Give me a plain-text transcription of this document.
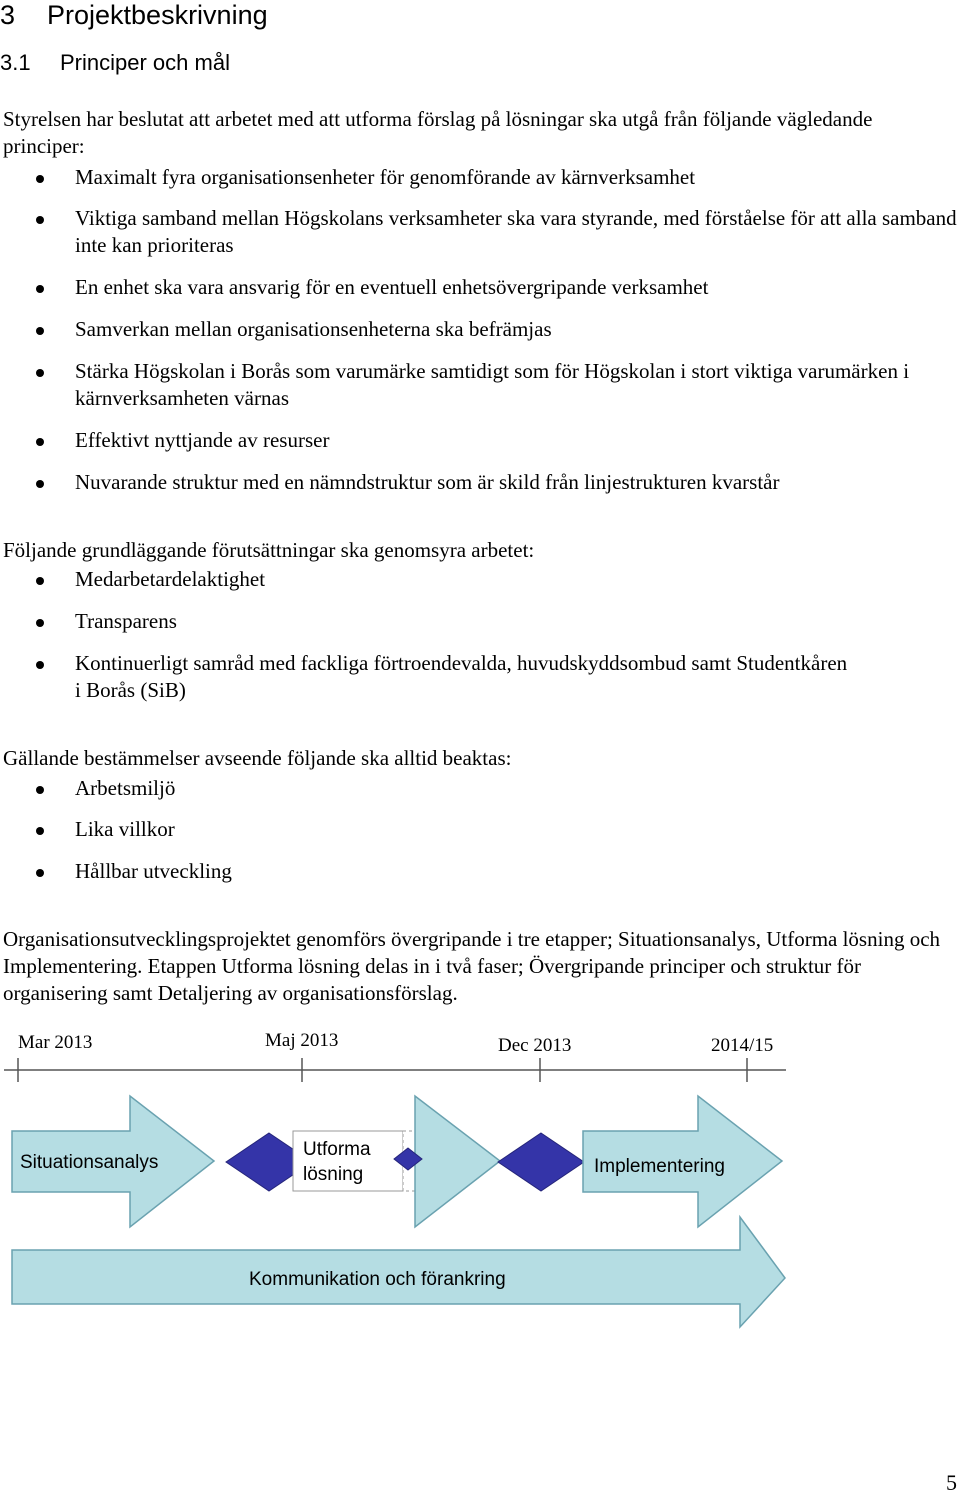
3 Projektbeskrivning
3.1 Principer och mål
Styrelsen har beslutat att arbetet med att utforma förslag på lösningar ska utgå från följande vägledande principer:
Maximalt fyra organisationsenheter för genomförande av kärnverksamhet
Viktiga samband mellan Högskolans verksamheter ska vara styrande, med förståelse för att alla samband inte kan prioriteras
En enhet ska vara ansvarig för en eventuell enhetsövergripande verksamhet
Samverkan mellan organisationsenheterna ska befrämjas
Stärka Högskolan i Borås som varumärke samtidigt som för Högskolan i stort viktiga varumärken i kärnverksamheten värnas
Effektivt nyttjande av resurser
Nuvarande struktur med en nämndstruktur som är skild från linjestrukturen kvarstår
Följande grundläggande förutsättningar ska genomsyra arbetet:
Medarbetardelaktighet
Transparens
Kontinuerligt samråd med fackliga förtroendevalda, huvudskyddsombud samt Studentkåren i Borås (SiB)
Gällande bestämmelser avseende följande ska alltid beaktas:
Arbetsmiljö
Lika villkor
Hållbar utveckling
Organisationsutvecklingsprojektet genomförs övergripande i tre etapper; Situationsanalys, Utforma lösning och Implementering. Etappen Utforma lösning delas in i två faser; Övergripande principer och struktur för organisering samt Detaljering av organisationsförslag.
Mar 2013	Maj 2013	Dec 2013	2014/15
Situationsanalys
Utforma
lösning	Implementering
Kommunikation och förankring
5
